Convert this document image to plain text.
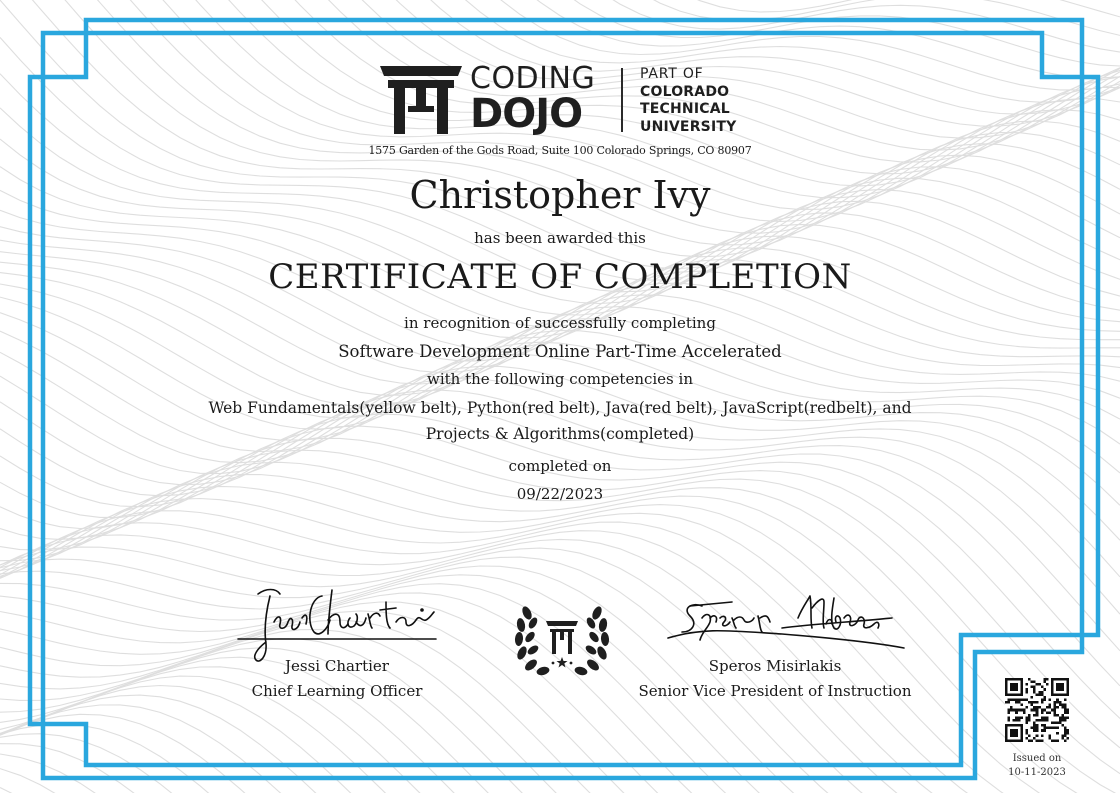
CODING
DOJO
PART OF
COLORADO
TECHNICAL
UNIVERSITY
1575 Garden of the Gods Road, Suite 100 Colorado Springs, CO 80907
Christopher Ivy
has been awarded this
CERTIFICATE OF COMPLETION
in recognition of successfully completing
Software Development Online Part-Time Accelerated
with the following competencies in
Web Fundamentals(yellow belt), Python(red belt), Java(red belt), JavaScript(redbelt), and
Projects & Algorithms(completed)
completed on
09/22/2023
Jessi Chartier
Chief Learning Officer
Speros Misirlakis
Senior Vice President of Instruction
Issued on
10-11-2023
